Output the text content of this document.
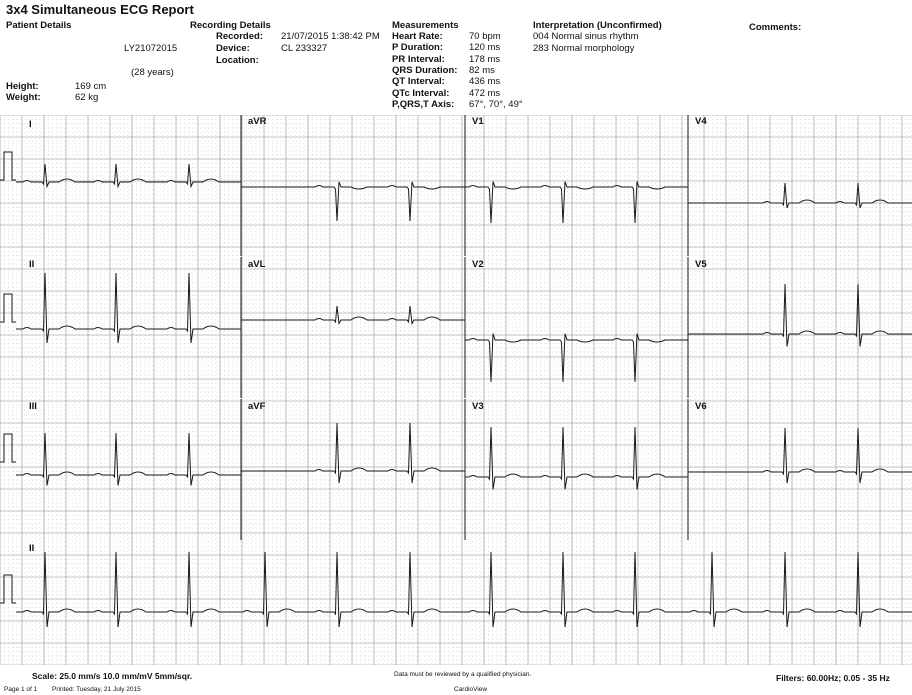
3x4 Simultaneous ECG Report
Patient Details
LY21072015
(28 years)
Height:	169 cm
Weight:	62 kg
Recording Details
Recorded: 21/07/2015 1:38:42 PM
Device:	CL 233327
Location:
Measurements
Heart Rate:	70 bpm
P Duration:	120 ms
PR Interval:	178 ms
QRS Duration: 82 ms
QT Interval:	436 ms
QTc Interval: 472 ms
P,QRS,T Axis: 67°, 70°, 49°
Interpretation (Unconfirmed)
004 Normal sinus rhythm
283 Normal morphology
Comments:
I	aVR	V1	V4
II	aVL	V2	V5
III	aVF	V3	V6
II
Scale: 25.0 mm/s 10.0 mm/mV 5mm/sqr.	Data must be reviewed by a qualified physician.	Filters: 60.00Hz; 0.05 - 35 Hz
Page 1 of 1 Printed: Tuesday, 21 July 2015	CardioView
